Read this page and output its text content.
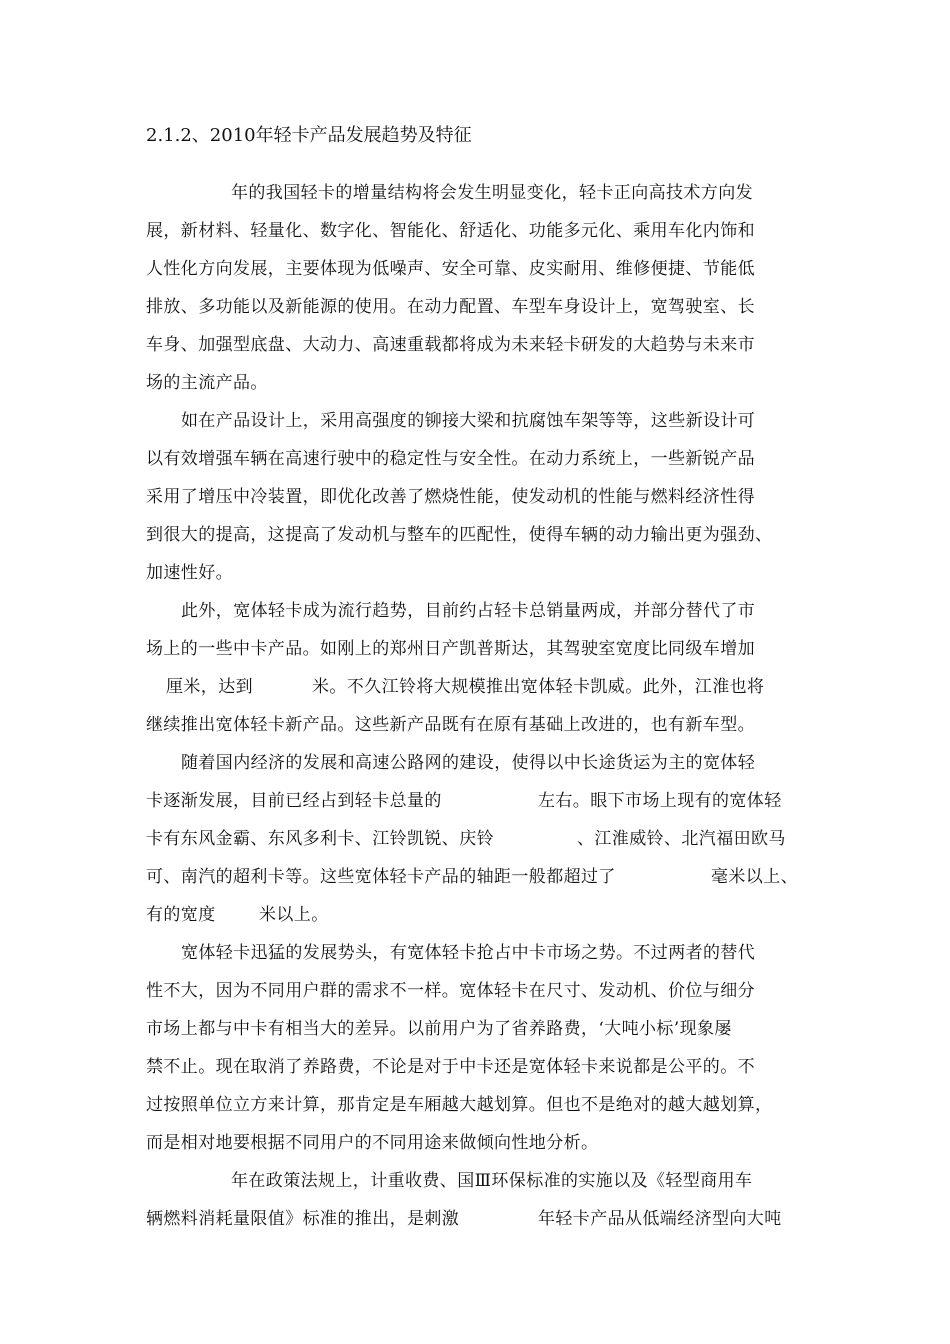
2.1.2、2010年轻卡产品发展趋势及特征
年的我国轻卡的增量结构将会发生明显变化，轻卡正向高技术方向发
展，新材料、轻量化、数字化、智能化、舒适化、功能多元化、乘用车化内饰和
人性化方向发展，主要体现为低噪声、安全可靠、皮实耐用、维修便捷、节能低
排放、多功能以及新能源的使用。在动力配置、车型车身设计上，宽驾驶室、长
车身、加强型底盘、大动力、高速重载都将成为未来轻卡研发的大趋势与未来市
场的主流产品。
如在产品设计上，采用高强度的铆接大梁和抗腐蚀车架等等，这些新设计可
以有效增强车辆在高速行驶中的稳定性与安全性。在动力系统上，一些新锐产品
采用了增压中冷装置，即优化改善了燃烧性能，使发动机的性能与燃料经济性得
到很大的提高，这提高了发动机与整车的匹配性，使得车辆的动力输出更为强劲、
加速性好。
此外，宽体轻卡成为流行趋势，目前约占轻卡总销量两成，并部分替代了市
场上的一些中卡产品。如刚上的郑州日产凯普斯达，其驾驶室宽度比同级车增加
厘米，达到	米。不久江铃将大规模推出宽体轻卡凯威。此外，江淮也将
继续推出宽体轻卡新产品。这些新产品既有在原有基础上改进的，也有新车型。
随着国内经济的发展和高速公路网的建设，使得以中长途货运为主的宽体轻
卡逐渐发展，目前已经占到轻卡总量的	左右。眼下市场上现有的宽体轻
卡有东风金霸、东风多利卡、江铃凯锐、庆铃	、江淮威铃、北汽福田欧马
可、南汽的超利卡等。这些宽体轻卡产品的轴距一般都超过了	毫米以上、
有的宽度	米以上。
宽体轻卡迅猛的发展势头，有宽体轻卡抢占中卡市场之势。不过两者的替代
性不大，因为不同用户群的需求不一样。宽体轻卡在尺寸、发动机、价位与细分
市场上都与中卡有相当大的差异。以前用户为了省养路费，‘大吨小标’现象屡
禁不止。现在取消了养路费，不论是对于中卡还是宽体轻卡来说都是公平的。不
过按照单位立方来计算，那肯定是车厢越大越划算。但也不是绝对的越大越划算，
而是相对地要根据不同用户的不同用途来做倾向性地分析。
年在政策法规上，计重收费、国Ⅲ环保标准的实施以及《轻型商用车
辆燃料消耗量限值》标准的推出，是刺激	年轻卡产品从低端经济型向大吨
